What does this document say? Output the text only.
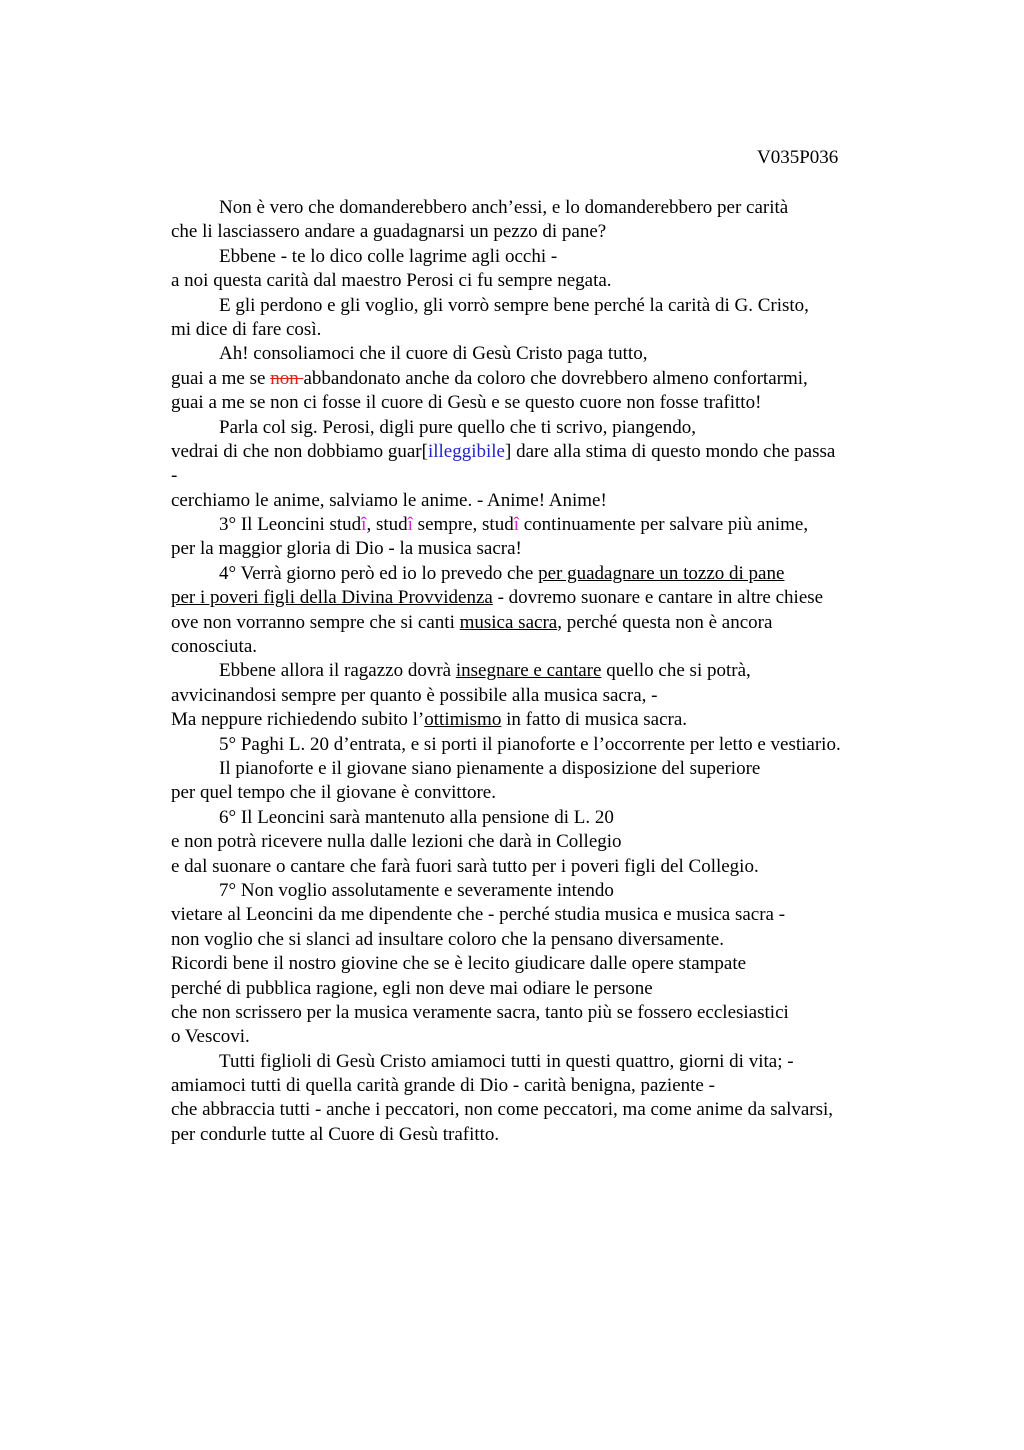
V035P036
Non è vero che domanderebbero anch’essi, e lo domanderebbero per carità
che li lasciassero andare a guadagnarsi un pezzo di pane?
Ebbene - te lo dico colle lagrime agli occhi -
a noi questa carità dal maestro Perosi ci fu sempre negata.
E gli perdono e gli voglio, gli vorrò sempre bene perché la carità di G. Cristo,
mi dice di fare così.
Ah! consoliamoci che il cuore di Gesù Cristo paga tutto,
guai a me se non abbandonato anche da coloro che dovrebbero almeno confortarmi,
guai a me se non ci fosse il cuore di Gesù e se questo cuore non fosse trafitto!
Parla col sig. Perosi, digli pure quello che ti scrivo, piangendo,
vedrai di che non dobbiamo guar[illeggibile] dare alla stima di questo mondo che passa
-
cerchiamo le anime, salviamo le anime. - Anime! Anime!
3° Il Leoncini studî, studî sempre, studî continuamente per salvare più anime,
per la maggior gloria di Dio - la musica sacra!
4° Verrà giorno però ed io lo prevedo che per guadagnare un tozzo di pane
per i poveri figli della Divina Provvidenza - dovremo suonare e cantare in altre chiese
ove non vorranno sempre che si canti musica sacra, perché questa non è ancora
conosciuta.
Ebbene allora il ragazzo dovrà insegnare e cantare quello che si potrà,
avvicinandosi sempre per quanto è possibile alla musica sacra, -
Ma neppure richiedendo subito l’ottimismo in fatto di musica sacra.
5° Paghi L. 20 d’entrata, e si porti il pianoforte e l’occorrente per letto e vestiario.
Il pianoforte e il giovane siano pienamente a disposizione del superiore
per quel tempo che il giovane è convittore.
6° Il Leoncini sarà mantenuto alla pensione di L. 20
e non potrà ricevere nulla dalle lezioni che darà in Collegio
e dal suonare o cantare che farà fuori sarà tutto per i poveri figli del Collegio.
7° Non voglio assolutamente e severamente intendo
vietare al Leoncini da me dipendente che - perché studia musica e musica sacra -
non voglio che si slanci ad insultare coloro che la pensano diversamente.
Ricordi bene il nostro giovine che se è lecito giudicare dalle opere stampate
perché di pubblica ragione, egli non deve mai odiare le persone
che non scrissero per la musica veramente sacra, tanto più se fossero ecclesiastici
o Vescovi.
Tutti figlioli di Gesù Cristo amiamoci tutti in questi quattro, giorni di vita; -
amiamoci tutti di quella carità grande di Dio - carità benigna, paziente -
che abbraccia tutti - anche i peccatori, non come peccatori, ma come anime da salvarsi,
per condurle tutte al Cuore di Gesù trafitto.
